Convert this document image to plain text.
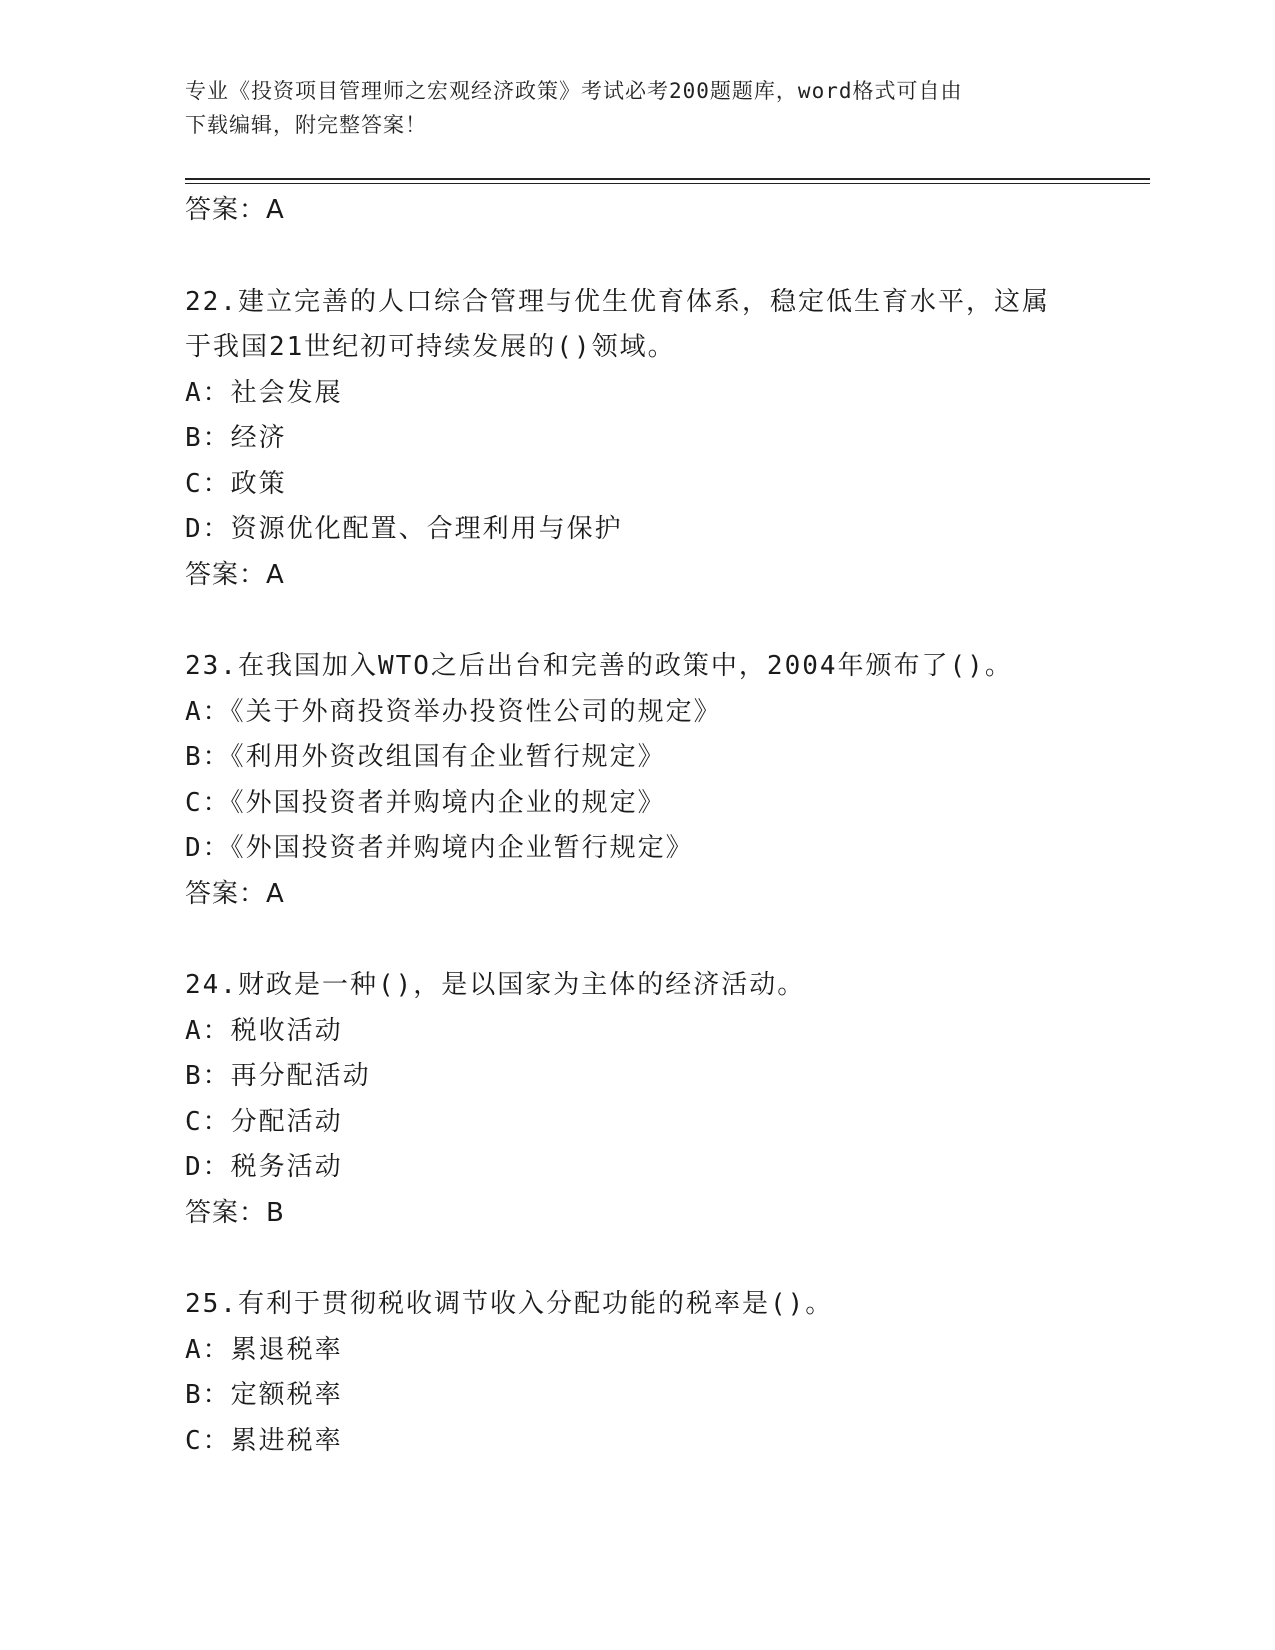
专业《投资项目管理师之宏观经济政策》考试必考200题题库，word格式可自由
下载编辑，附完整答案！
答案：A
22.建立完善的人口综合管理与优生优育体系，稳定低生育水平，这属
于我国21世纪初可持续发展的()领域。
A：社会发展
B：经济
C：政策
D：资源优化配置、合理利用与保护
答案：A
23.在我国加入WTO之后出台和完善的政策中，2004年颁布了()。
A：《关于外商投资举办投资性公司的规定》
B：《利用外资改组国有企业暂行规定》
C：《外国投资者并购境内企业的规定》
D：《外国投资者并购境内企业暂行规定》
答案：A
24.财政是一种()，是以国家为主体的经济活动。
A：税收活动
B：再分配活动
C：分配活动
D：税务活动
答案：B
25.有利于贯彻税收调节收入分配功能的税率是()。
A：累退税率
B：定额税率
C：累进税率
